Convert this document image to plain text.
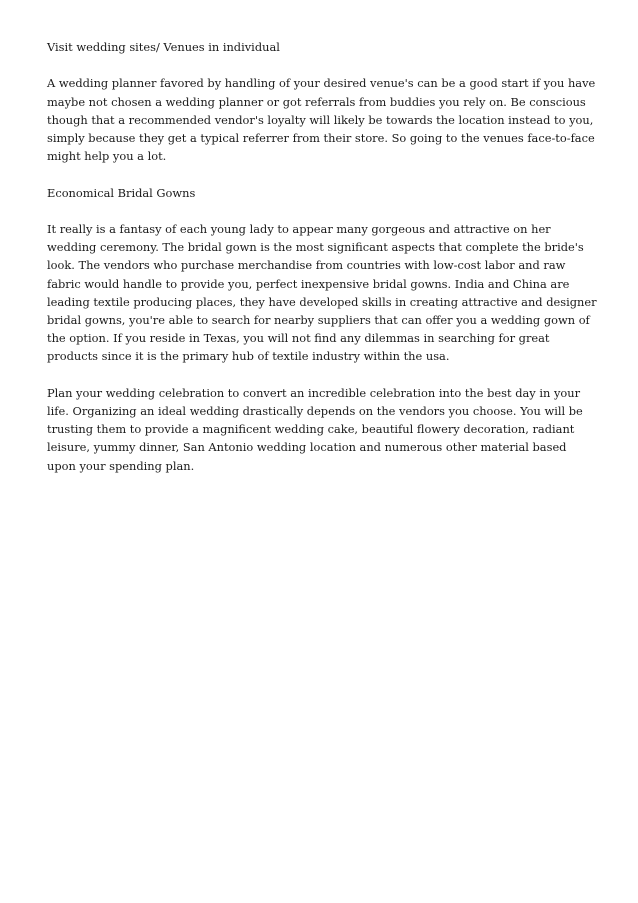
Visit wedding sites/ Venues in individual

A wedding planner favored by handling of your desired venue's can be a good start if you have maybe not chosen a wedding planner or got referrals from buddies you rely on. Be conscious though that a recommended vendor's loyalty will likely be towards the location instead to you, simply because they get a typical referrer from their store. So going to the venues face-to-face might help you a lot.

Economical Bridal Gowns

It really is a fantasy of each young lady to appear many gorgeous and attractive on her wedding ceremony. The bridal gown is the most significant aspects that complete the bride's look. The vendors who purchase merchandise from countries with low-cost labor and raw fabric would handle to provide you, perfect inexpensive bridal gowns. India and China are leading textile producing places, they have developed skills in creating attractive and designer bridal gowns, you're able to search for nearby suppliers that can offer you a wedding gown of the option. If you reside in Texas, you will not find any dilemmas in searching for great products since it is the primary hub of textile industry within the usa.

Plan your wedding celebration to convert an incredible celebration into the best day in your life. Organizing an ideal wedding drastically depends on the vendors you choose. You will be trusting them to provide a magnificent wedding cake, beautiful flowery decoration, radiant leisure, yummy dinner, San Antonio wedding location and numerous other material based upon your spending plan.
